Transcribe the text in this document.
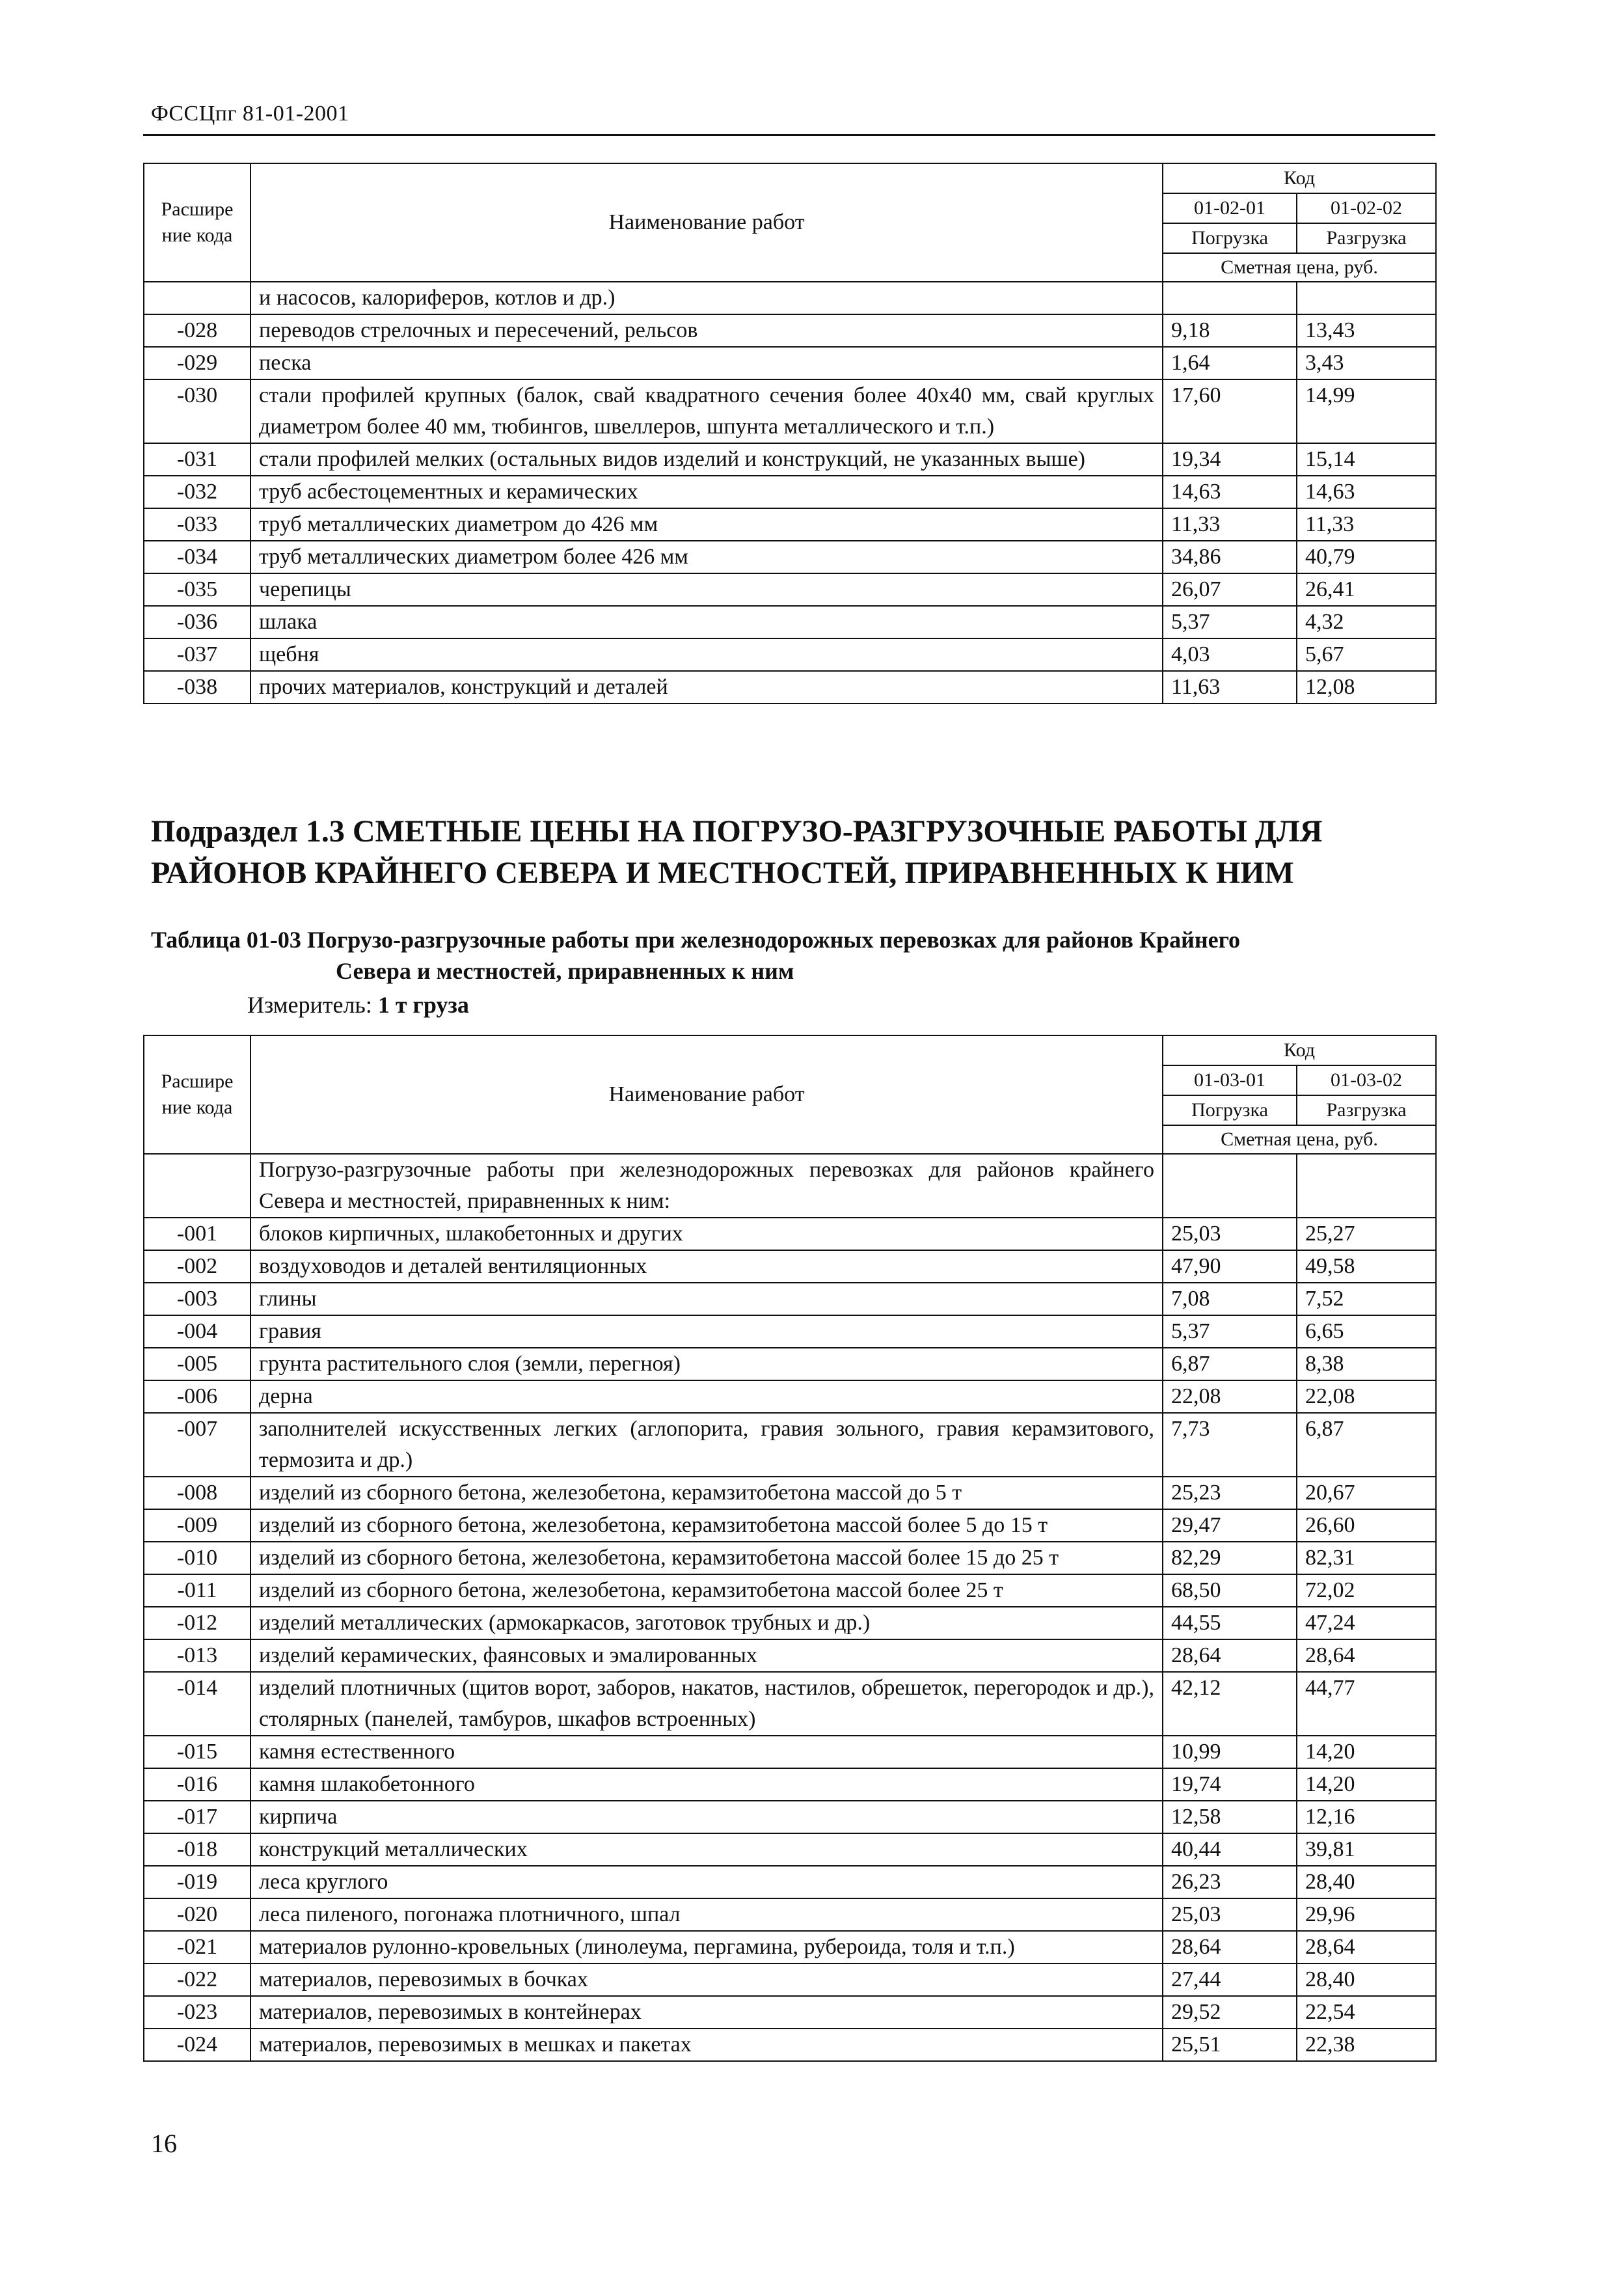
ФССЦпг 81-01-2001
Расшире ние кода	Наименование работ	Код	
		01-02-01	01-02-02
		Погрузка	Разгрузка
		Сметная цена, руб.	
	и насосов, калориферов, котлов и др.)		
-028	переводов стрелочных и пересечений, рельсов	9,18	13,43
-029	песка	1,64	3,43
-030	стали профилей крупных (балок, свай квадратного сечения более 40х40 мм, свай круглых диаметром более 40 мм, тюбингов, швеллеров, шпунта металлического и т.п.)	17,60	14,99
-031	стали профилей мелких (остальных видов изделий и конструкций, не указанных выше)	19,34	15,14
-032	труб асбестоцементных и керамических	14,63	14,63
-033	труб металлических диаметром до 426 мм	11,33	11,33
-034	труб металлических диаметром более 426 мм	34,86	40,79
-035	черепицы	26,07	26,41
-036	шлака	5,37	4,32
-037	щебня	4,03	5,67
-038	прочих материалов, конструкций и деталей	11,63	12,08
Подраздел 1.3 СМЕТНЫЕ ЦЕНЫ НА ПОГРУЗО-РАЗГРУЗОЧНЫЕ РАБОТЫ ДЛЯ РАЙОНОВ КРАЙНЕГО СЕВЕРА И МЕСТНОСТЕЙ, ПРИРАВНЕННЫХ К НИМ
Таблица 01-03 Погрузо-разгрузочные работы при железнодорожных перевозках для районов Крайнего
Севера и местностей, приравненных к ним
Измеритель: 1 т груза
Расшире ние кода	Наименование работ	Код	
		01-03-01	01-03-02
		Погрузка	Разгрузка
		Сметная цена, руб.	
	Погрузо-разгрузочные работы при железнодорожных перевозках для районов крайнего Севера и местностей, приравненных к ним:		
-001	блоков кирпичных, шлакобетонных и других	25,03	25,27
-002	воздуховодов и деталей вентиляционных	47,90	49,58
-003	глины	7,08	7,52
-004	гравия	5,37	6,65
-005	грунта растительного слоя (земли, перегноя)	6,87	8,38
-006	дерна	22,08	22,08
-007	заполнителей искусственных легких (аглопорита, гравия зольного, гравия керамзитового, термозита и др.)	7,73	6,87
-008	изделий из сборного бетона, железобетона, керамзитобетона массой до 5 т	25,23	20,67
-009	изделий из сборного бетона, железобетона, керамзитобетона массой более 5 до 15 т	29,47	26,60
-010	изделий из сборного бетона, железобетона, керамзитобетона массой более 15 до 25 т	82,29	82,31
-011	изделий из сборного бетона, железобетона, керамзитобетона массой более 25 т	68,50	72,02
-012	изделий металлических (армокаркасов, заготовок трубных и др.)	44,55	47,24
-013	изделий керамических, фаянсовых и эмалированных	28,64	28,64
-014	изделий плотничных (щитов ворот, заборов, накатов, настилов, обрешеток, перегородок и др.), столярных (панелей, тамбуров, шкафов встроенных)	42,12	44,77
-015	камня естественного	10,99	14,20
-016	камня шлакобетонного	19,74	14,20
-017	кирпича	12,58	12,16
-018	конструкций металлических	40,44	39,81
-019	леса круглого	26,23	28,40
-020	леса пиленого, погонажа плотничного, шпал	25,03	29,96
-021	материалов рулонно-кровельных (линолеума, пергамина, рубероида, толя и т.п.)	28,64	28,64
-022	материалов, перевозимых в бочках	27,44	28,40
-023	материалов, перевозимых в контейнерах	29,52	22,54
-024	материалов, перевозимых в мешках и пакетах	25,51	22,38
16
